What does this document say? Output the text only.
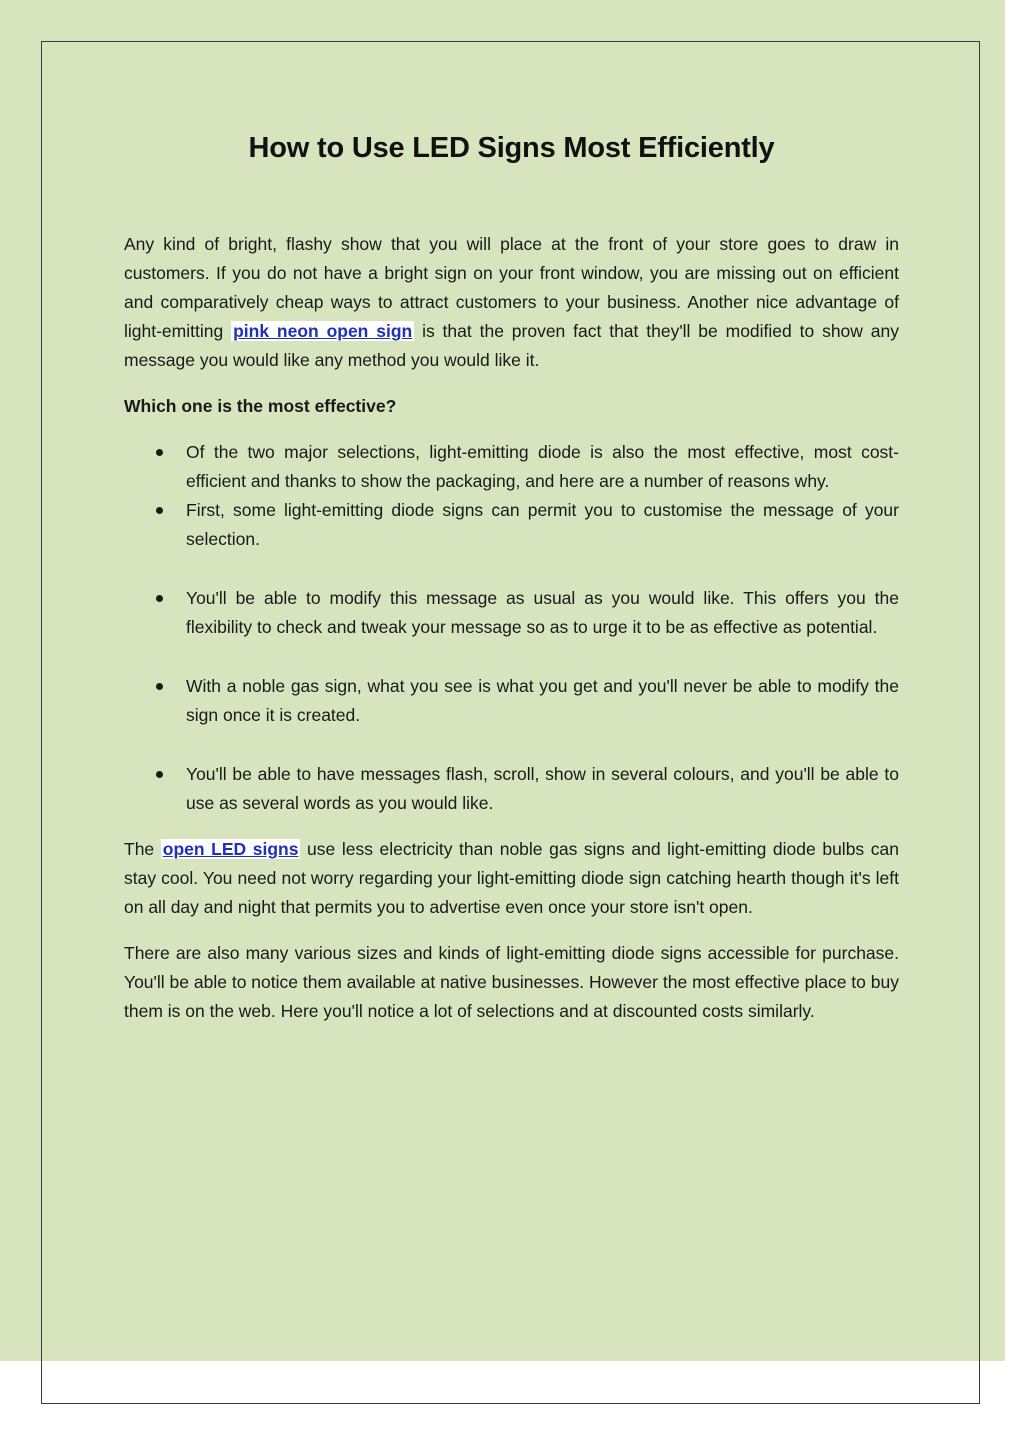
How to Use LED Signs Most Efficiently

Any kind of bright, flashy show that you will place at the front of your store goes to draw in customers. If you do not have a bright sign on your front window, you are missing out on efficient and comparatively cheap ways to attract customers to your business. Another nice advantage of light-emitting pink neon open sign is that the proven fact that they'll be modified to show any message you would like any method you would like it.

Which one is the most effective?
Of the two major selections, light-emitting diode is also the most effective, most cost-efficient and thanks to show the packaging, and here are a number of reasons why.
First, some light-emitting diode signs can permit you to customise the message of your selection.
You'll be able to modify this message as usual as you would like. This offers you the flexibility to check and tweak your message so as to urge it to be as effective as potential.
With a noble gas sign, what you see is what you get and you'll never be able to modify the sign once it is created.
You'll be able to have messages flash, scroll, show in several colours, and you'll be able to use as several words as you would like.

The open LED signs use less electricity than noble gas signs and light-emitting diode bulbs can stay cool. You need not worry regarding your light-emitting diode sign catching hearth though it's left on all day and night that permits you to advertise even once your store isn't open.

There are also many various sizes and kinds of light-emitting diode signs accessible for purchase. You'll be able to notice them available at native businesses. However the most effective place to buy them is on the web. Here you'll notice a lot of selections and at discounted costs similarly.
